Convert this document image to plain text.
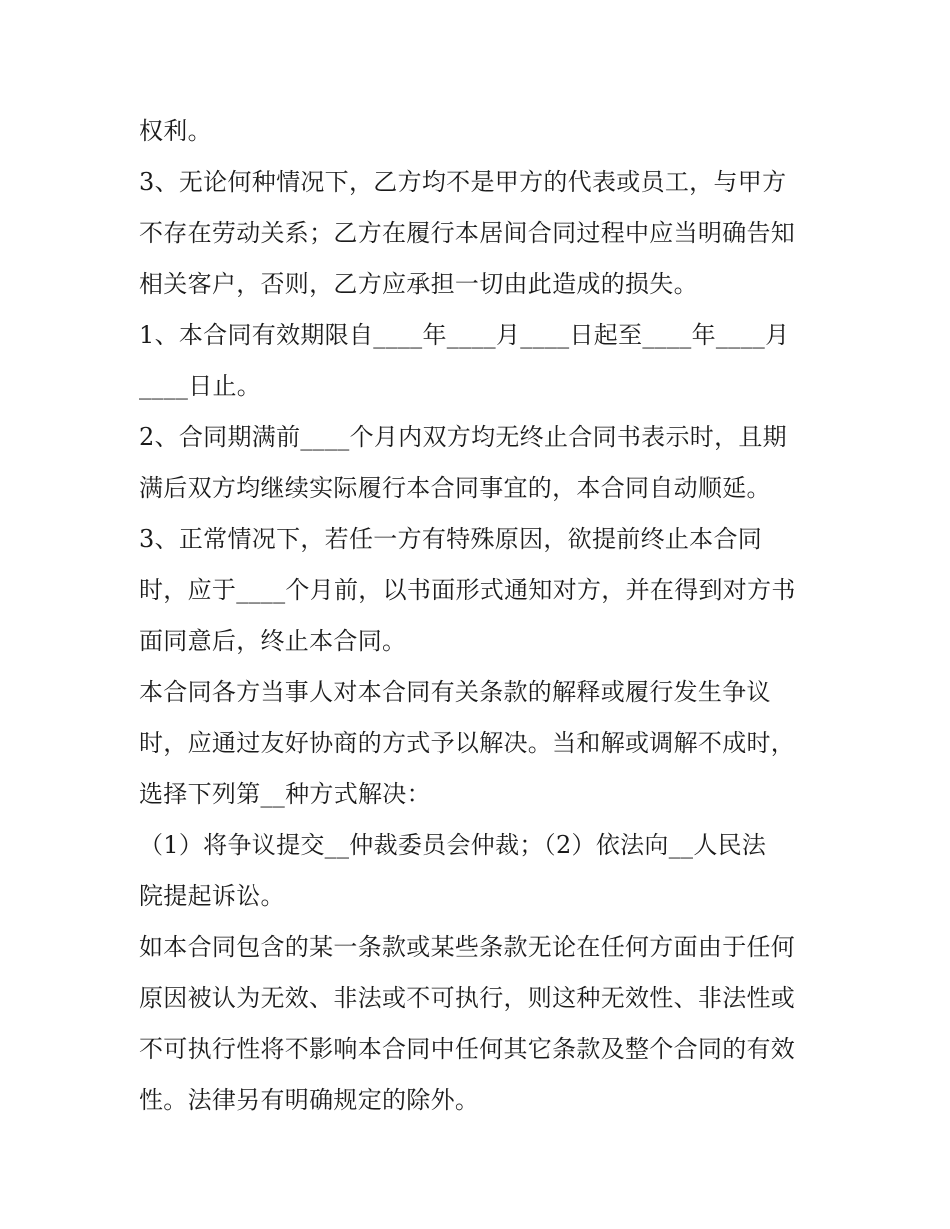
权利。
3、无论何种情况下，乙方均不是甲方的代表或员工，与甲方
不存在劳动关系；乙方在履行本居间合同过程中应当明确告知
相关客户，否则，乙方应承担一切由此造成的损失。
1、本合同有效期限自____年____月____日起至____年____月
____日止。
2、合同期满前____个月内双方均无终止合同书表示时，且期
满后双方均继续实际履行本合同事宜的，本合同自动顺延。
3、正常情况下，若任一方有特殊原因，欲提前终止本合同
时，应于____个月前，以书面形式通知对方，并在得到对方书
面同意后，终止本合同。
本合同各方当事人对本合同有关条款的解释或履行发生争议
时，应通过友好协商的方式予以解决。当和解或调解不成时，
选择下列第__种方式解决：
（1）将争议提交__仲裁委员会仲裁；（2）依法向__人民法
院提起诉讼。
如本合同包含的某一条款或某些条款无论在任何方面由于任何
原因被认为无效、非法或不可执行，则这种无效性、非法性或
不可执行性将不影响本合同中任何其它条款及整个合同的有效
性。法律另有明确规定的除外。
